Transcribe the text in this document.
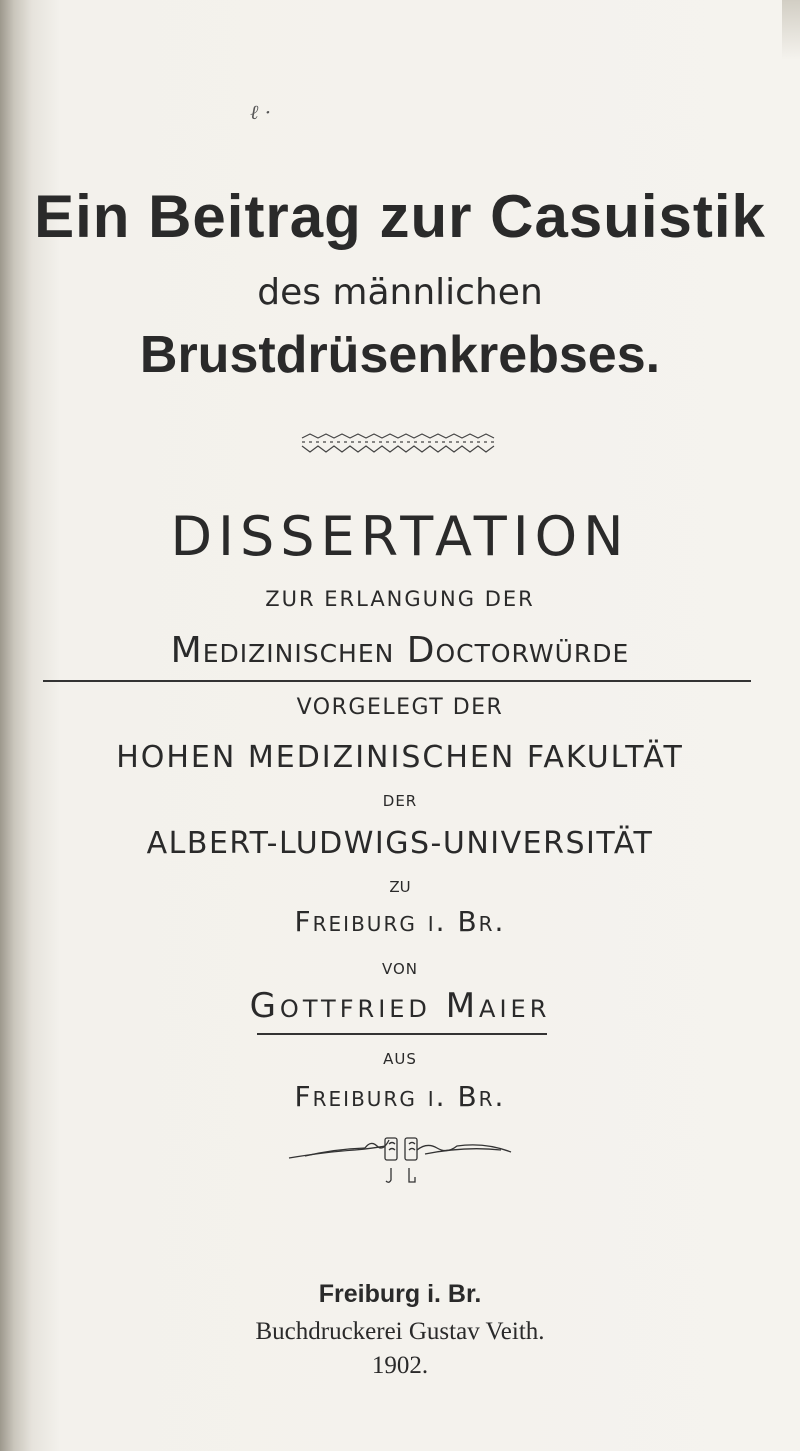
ℓ ·
Ein Beitrag zur Casuistik
des männlichen
Brustdrüsenkrebses.
DISSERTATION
ZUR ERLANGUNG DER
Medizinischen Doctorwürde
VORGELEGT DER
HOHEN MEDIZINISCHEN FAKULTÄT
DER
ALBERT-LUDWIGS-UNIVERSITÄT
ZU
Freiburg i. Br.
VON
Gottfried Maier
AUS
Freiburg i. Br.
Freiburg i. Br.
Buchdruckerei Gustav Veith.
1902.
